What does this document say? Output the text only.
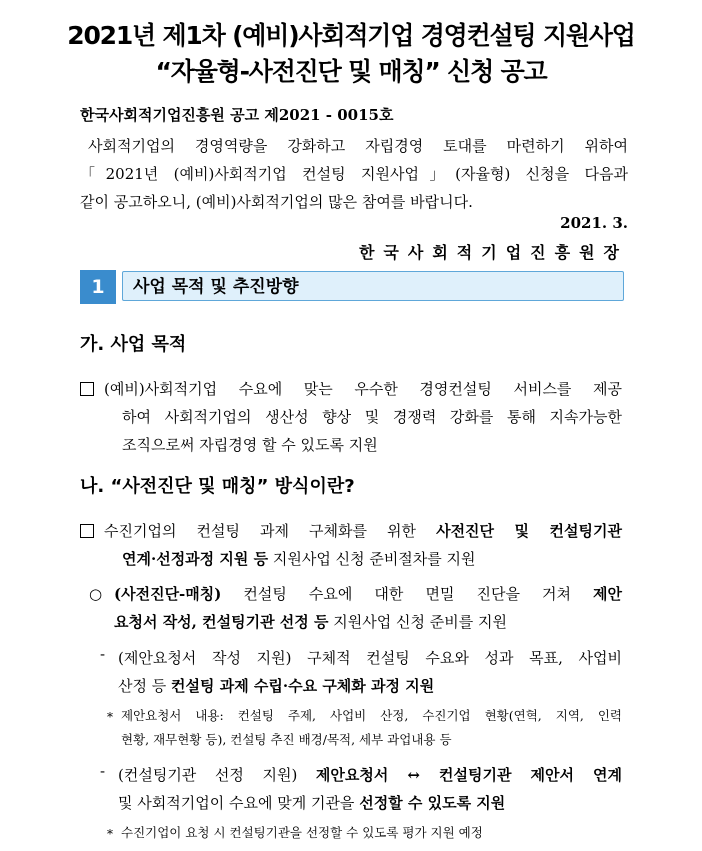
2021년 제1차 (예비)사회적기업 경영컨설팅 지원사업
“자율형-사전진단 및 매칭” 신청 공고
한국사회적기업진흥원 공고 제2021 - 0015호
사회적기업의 경영역량을 강화하고 자립경영 토대를 마련하기 위하여
「2021년 (예비)사회적기업 컨설팅 지원사업」(자율형) 신청을 다음과
같이 공고하오니, (예비)사회적기업의 많은 참여를 바랍니다.
2021. 3.
한국사회적기업진흥원장
1	사업 목적 및 추진방향
가. 사업 목적
(예비)사회적기업 수요에 맞는 우수한 경영컨설팅 서비스를 제공
하여 사회적기업의 생산성 향상 및 경쟁력 강화를 통해 지속가능한
조직으로써 자립경영 할 수 있도록 지원
나. “사전진단 및 매칭” 방식이란?
수진기업의 컨설팅 과제 구체화를 위한 사전진단 및 컨설팅기관
연계·선정과정 지원 등 지원사업 신청 준비절차를 지원
○ (사전진단-매칭) 컨설팅 수요에 대한 면밀 진단을 거쳐 제안
요청서 작성, 컨설팅기관 선정 등 지원사업 신청 준비를 지원
- (제안요청서 작성 지원) 구체적 컨설팅 수요와 성과 목표, 사업비
산정 등 컨설팅 과제 수립·수요 구체화 과정 지원
* 제안요청서 내용: 컨설팅 주제, 사업비 산정, 수진기업 현황(연혁, 지역, 인력
현황, 재무현황 등), 컨설팅 추진 배경/목적, 세부 과업내용 등
- (컨설팅기관 선정 지원) 제안요청서 ↔ 컨설팅기관 제안서 연계
및 사회적기업이 수요에 맞게 기관을 선정할 수 있도록 지원
* 수진기업이 요청 시 컨설팅기관을 선정할 수 있도록 평가 지원 예정
